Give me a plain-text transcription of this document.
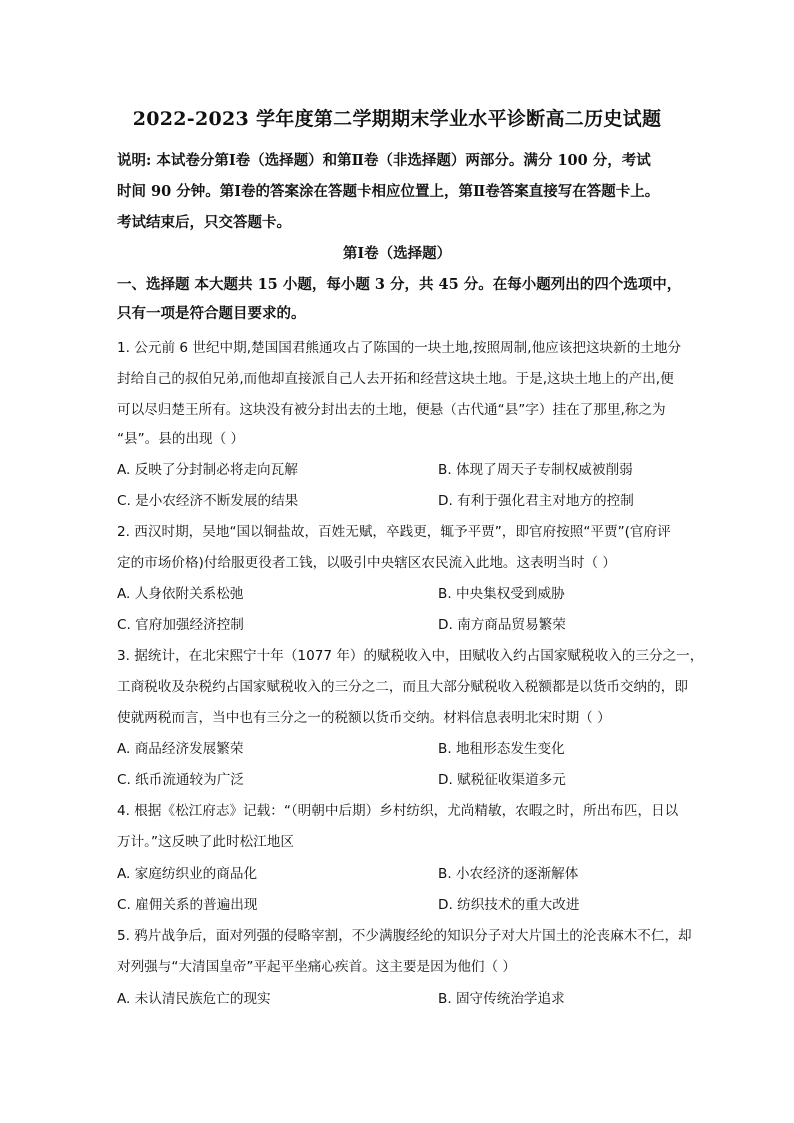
2022-2023 学年度第二学期期末学业水平诊断高二历史试题
说明: 本试卷分第Ⅰ卷（选择题）和第Ⅱ卷（非选择题）两部分。满分 100 分，考试
时间 90 分钟。第Ⅰ卷的答案涂在答题卡相应位置上，第Ⅱ卷答案直接写在答题卡上。
考试结束后，只交答题卡。
第Ⅰ卷（选择题）
一、选择题 本大题共 15 小题，每小题 3 分，共 45 分。在每小题列出的四个选项中，
只有一项是符合题目要求的。
1. 公元前 6 世纪中期,楚国国君熊通攻占了陈国的一块土地,按照周制,他应该把这块新的土地分
封给自己的叔伯兄弟,而他却直接派自己人去开拓和经营这块土地。于是,这块土地上的产出,便
可以尽归楚王所有。这块没有被分封出去的土地，便悬（古代通“县”字）挂在了那里,称之为
“县”。县的出现（ ）
A. 反映了分封制必将走向瓦解	B. 体现了周天子专制权威被削弱
C. 是小农经济不断发展的结果	D. 有利于强化君主对地方的控制
2. 西汉时期，吴地“国以铜盐故，百姓无赋，卒践更，辄予平贾”，即官府按照“平贾”(官府评
定的市场价格)付给服更役者工钱，以吸引中央辖区农民流入此地。这表明当时（ ）
A. 人身依附关系松弛	B. 中央集权受到威胁
C. 官府加强经济控制	D. 南方商品贸易繁荣
3. 据统计，在北宋熙宁十年（1077 年）的赋税收入中，田赋收入约占国家赋税收入的三分之一，
工商税收及杂税约占国家赋税收入的三分之二，而且大部分赋税收入税额都是以货币交纳的，即
使就两税而言，当中也有三分之一的税额以货币交纳。材料信息表明北宋时期（ ）
A. 商品经济发展繁荣	B. 地租形态发生变化
C. 纸币流通较为广泛	D. 赋税征收渠道多元
4. 根据《松江府志》记载：“（明朝中后期）乡村纺织，尤尚精敏，农暇之时，所出布匹，日以
万计。”这反映了此时松江地区
A. 家庭纺织业的商品化	B. 小农经济的逐渐解体
C. 雇佣关系的普遍出现	D. 纺织技术的重大改进
5. 鸦片战争后，面对列强的侵略宰割，不少满腹经纶的知识分子对大片国土的沦丧麻木不仁，却
对列强与“大清国皇帝”平起平坐痛心疾首。这主要是因为他们（ ）
A. 未认清民族危亡的现实	B. 固守传统治学追求
